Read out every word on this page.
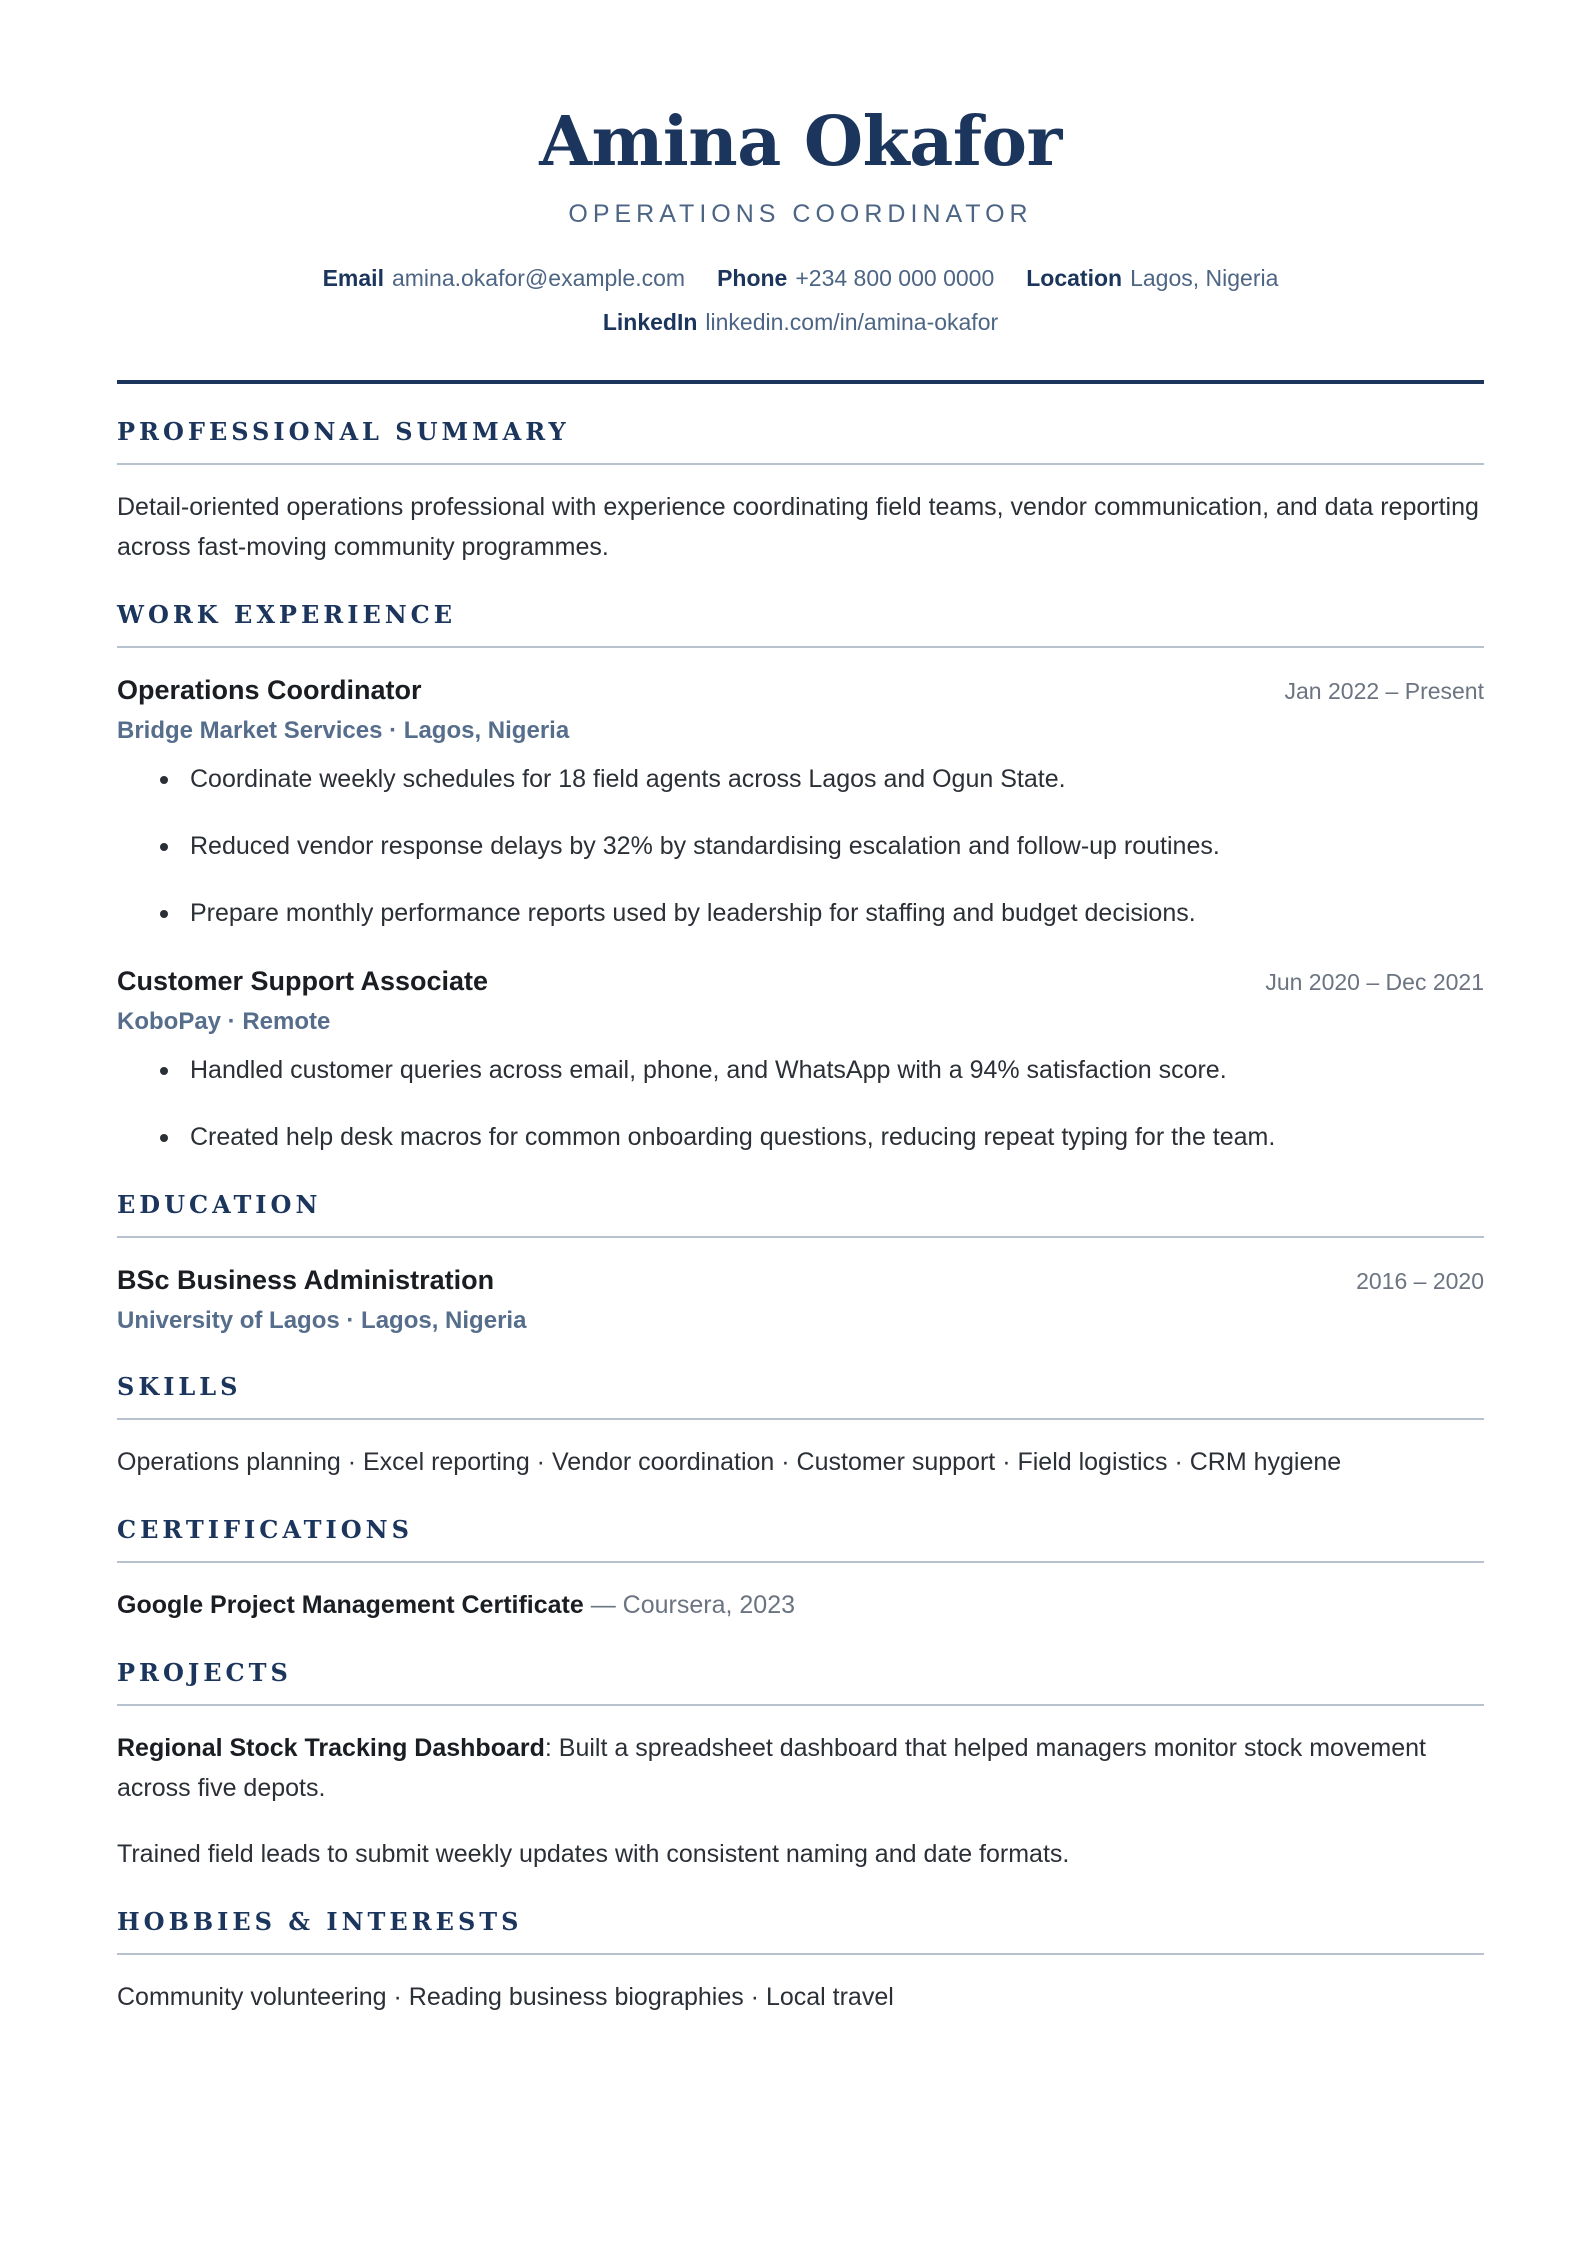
Amina Okafor
OPERATIONS COORDINATOR
Email amina.okafor@example.com Phone +234 800 000 0000 Location Lagos, Nigeria
LinkedIn linkedin.com/in/amina-okafor
PROFESSIONAL SUMMARY

Detail-oriented operations professional with experience coordinating field teams, vendor communication, and data reporting across fast-moving community programmes.

WORK EXPERIENCE
Operations Coordinator	Jan 2022 – Present
Bridge Market Services · Lagos, Nigeria
Coordinate weekly schedules for 18 field agents across Lagos and Ogun State.
Reduced vendor response delays by 32% by standardising escalation and follow-up routines.
Prepare monthly performance reports used by leadership for staffing and budget decisions.
Customer Support Associate	Jun 2020 – Dec 2021
KoboPay · Remote
Handled customer queries across email, phone, and WhatsApp with a 94% satisfaction score.
Created help desk macros for common onboarding questions, reducing repeat typing for the team.
EDUCATION
BSc Business Administration	2016 – 2020
University of Lagos · Lagos, Nigeria
SKILLS
Operations planning · Excel reporting · Vendor coordination · Customer support · Field logistics · CRM hygiene
CERTIFICATIONS
Google Project Management Certificate — Coursera, 2023
PROJECTS

Regional Stock Tracking Dashboard: Built a spreadsheet dashboard that helped managers monitor stock movement across five depots.

Trained field leads to submit weekly updates with consistent naming and date formats.

HOBBIES & INTERESTS
Community volunteering · Reading business biographies · Local travel
